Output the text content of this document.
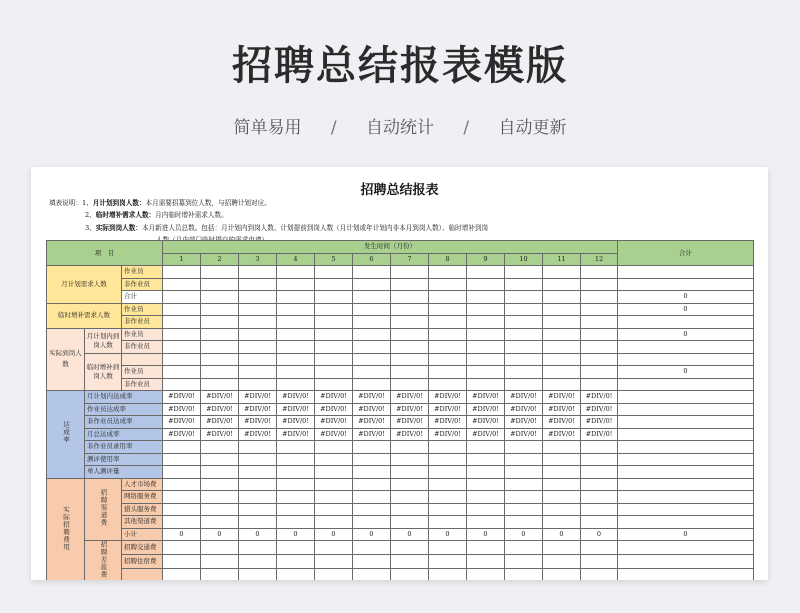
招聘总结报表模版
简单易用 / 自动统计 / 自动更新
招聘总结报表
填表说明：1、月计划到岗人数：本月需要招募到位人数，与招聘计划对应。
2、临时增补需求人数：月内临时增补需求人数。
3、实际到岗人数：本月新进人员总数。包括：月计划内到岗人数、计划提前到岗人数（月计划或年计划内非本月到岗人数）、临时增补到岗
项　目			发生时间（月份）												合计
			1	2	3	4	5	6	7	8	9	10	11	12	
月计划需求人数		作业员													
		非作业员													
		合计													0
临时增补需求人数		作业员													0
		非作业员													
实际到岗人数	月计划内到岗人数	作业员													0
		非作业员													
	临时增补到岗人数														
		作业员													0
		非作业员													
达成率	月计划内达成率		#DIV/0!	#DIV/0!	#DIV/0!	#DIV/0!	#DIV/0!	#DIV/0!	#DIV/0!	#DIV/0!	#DIV/0!	#DIV/0!	#DIV/0!	#DIV/0!	
	作业员达成率		#DIV/0!	#DIV/0!	#DIV/0!	#DIV/0!	#DIV/0!	#DIV/0!	#DIV/0!	#DIV/0!	#DIV/0!	#DIV/0!	#DIV/0!	#DIV/0!	
	非作业员达成率		#DIV/0!	#DIV/0!	#DIV/0!	#DIV/0!	#DIV/0!	#DIV/0!	#DIV/0!	#DIV/0!	#DIV/0!	#DIV/0!	#DIV/0!	#DIV/0!	
	月总达成率		#DIV/0!	#DIV/0!	#DIV/0!	#DIV/0!	#DIV/0!	#DIV/0!	#DIV/0!	#DIV/0!	#DIV/0!	#DIV/0!	#DIV/0!	#DIV/0!	
	非作业员录用率														
	测评使用率														
	单人测评量														
实际招聘费用	招聘渠道费	人才市场费													
		网络服务费													
		猎头服务费													
		其他渠道费													
		小计	0	0	0	0	0	0	0	0	0	0	0	0	0
	招聘差旅费	招聘交通费													
		招聘住宿费													
